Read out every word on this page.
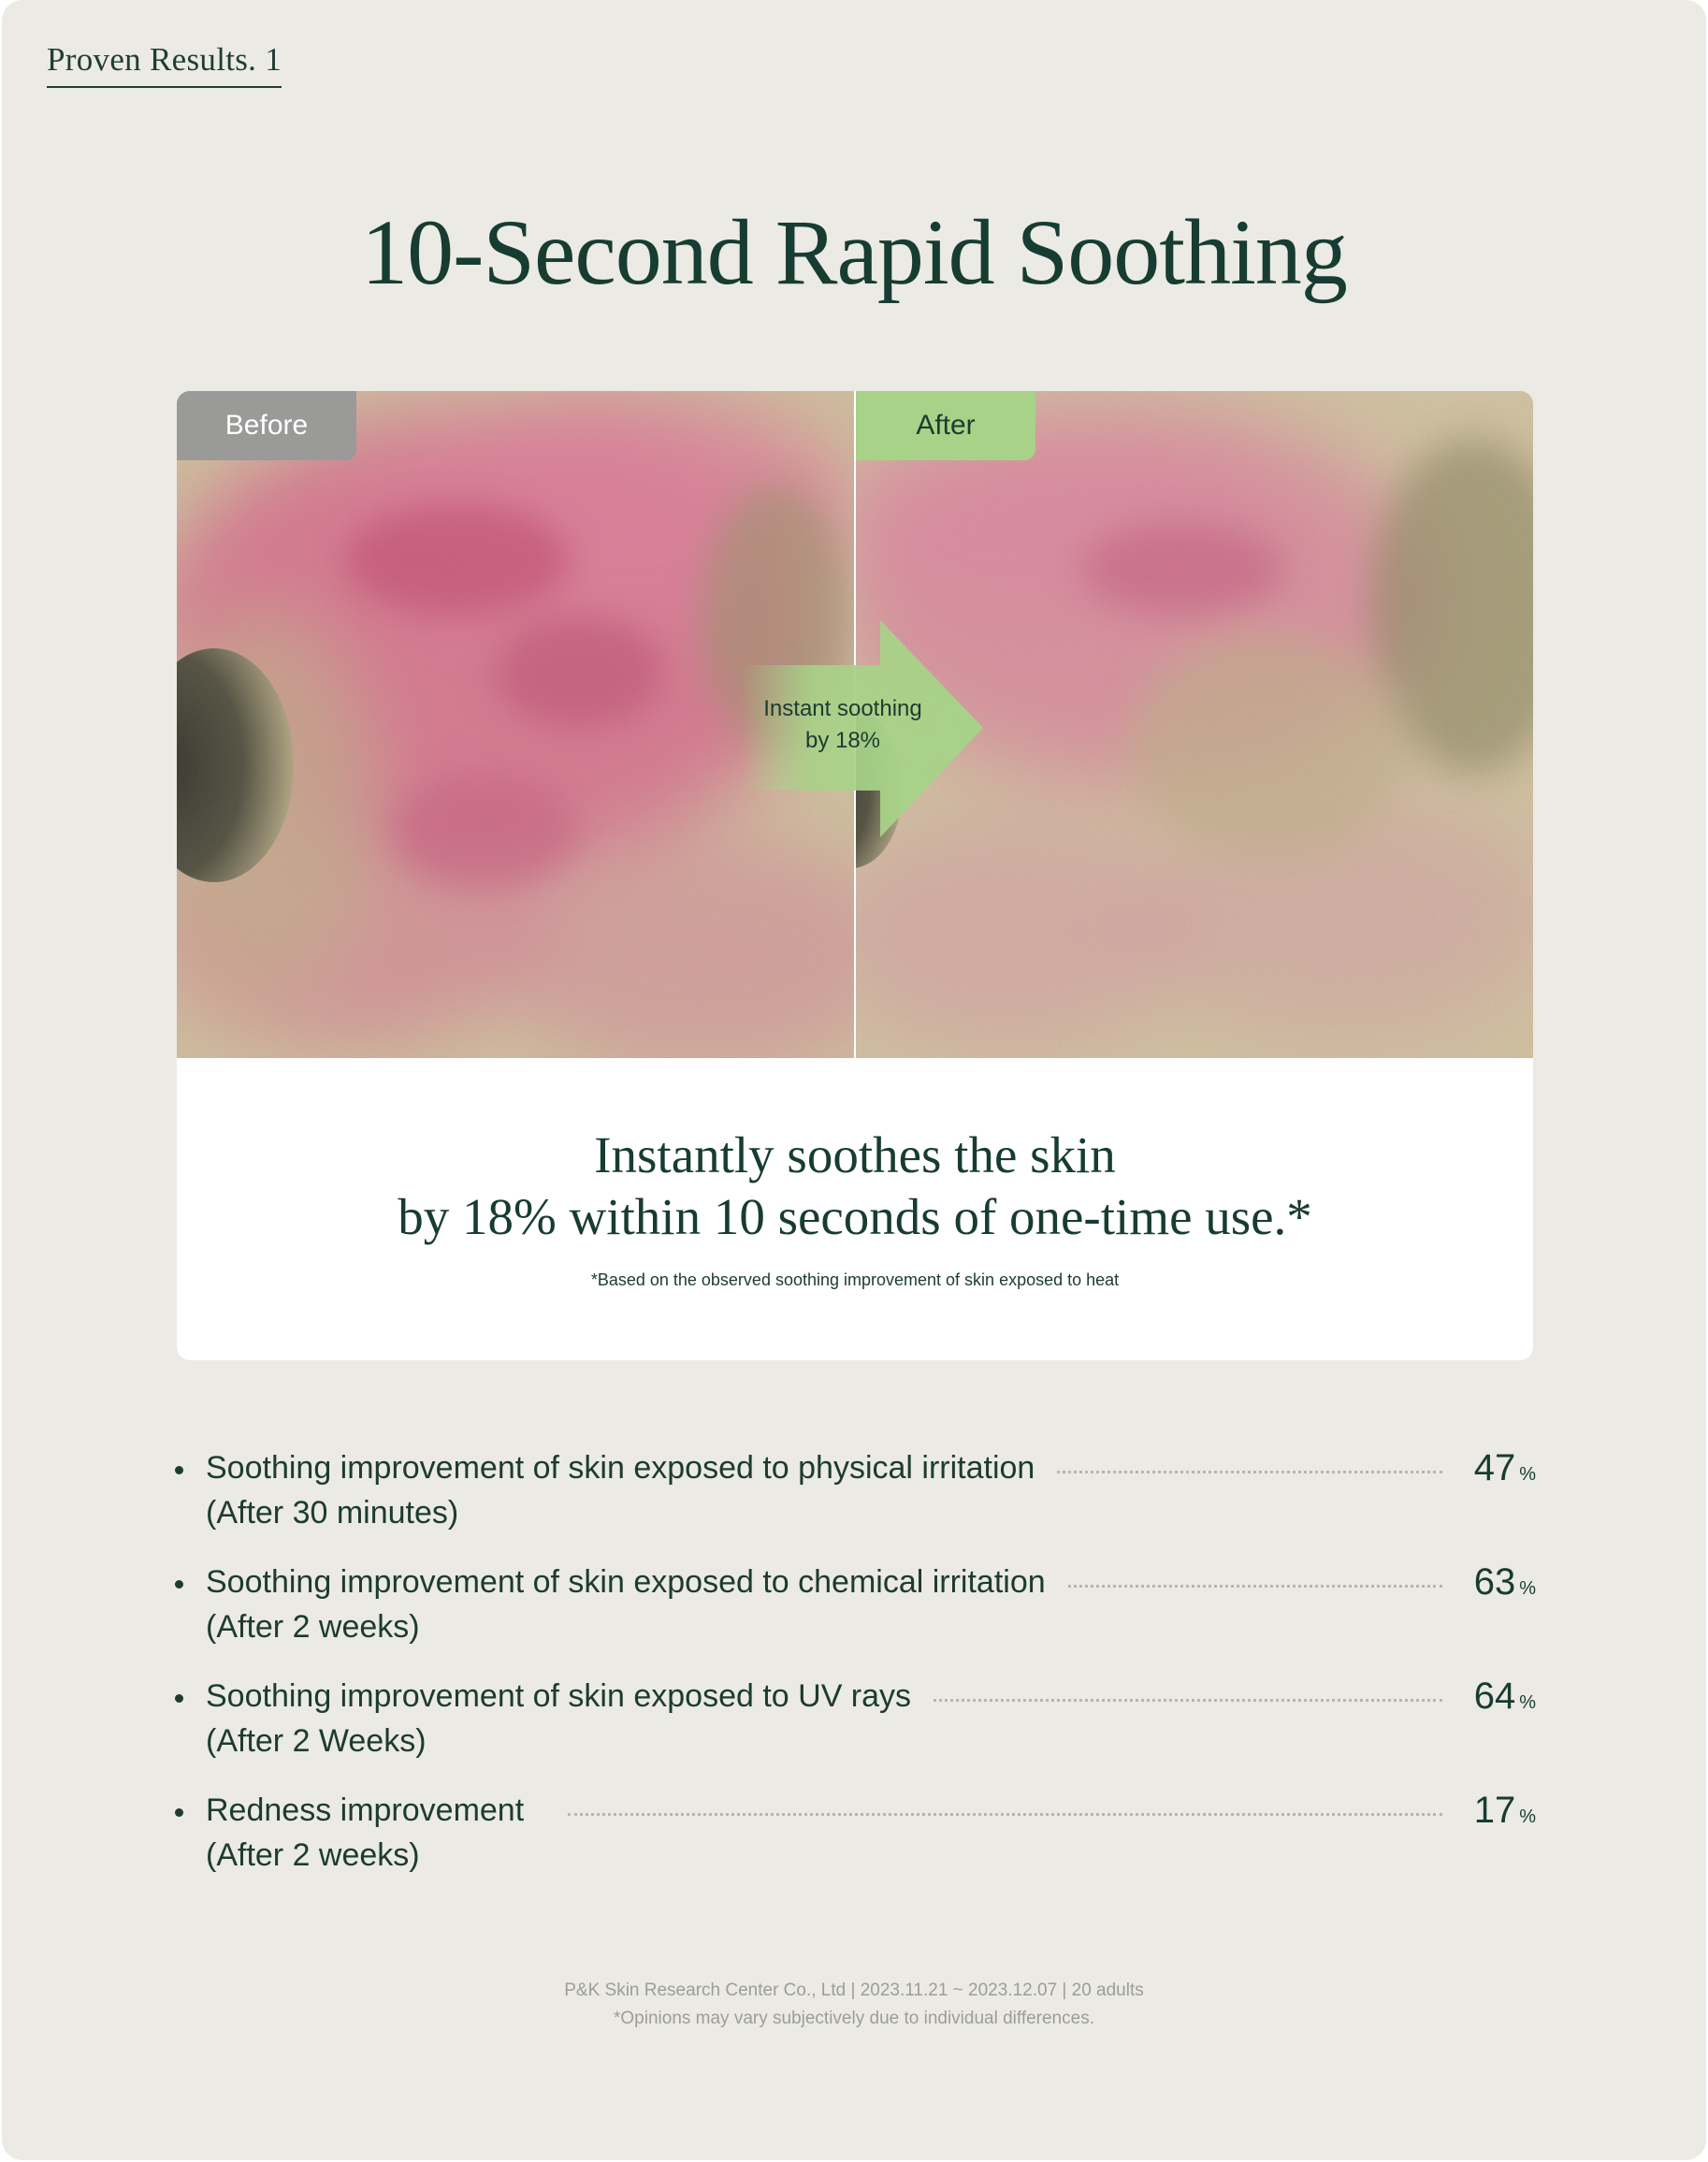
Proven Results. 1
10-Second Rapid Soothing
Before	After
Instant soothing
by 18%
Instantly soothes the skin
by 18% within 10 seconds of one-time use.*
*Based on the observed soothing improvement of skin exposed to heat
Soothing improvement of skin exposed to physical irritation
(After 30 minutes)
47 %
Soothing improvement of skin exposed to chemical irritation
(After 2 weeks)
63 %
Soothing improvement of skin exposed to UV rays
(After 2 Weeks)
64 %
Redness improvement
(After 2 weeks)
17 %
P&K Skin Research Center Co., Ltd | 2023.11.21 ~ 2023.12.07 | 20 adults
*Opinions may vary subjectively due to individual differences.
